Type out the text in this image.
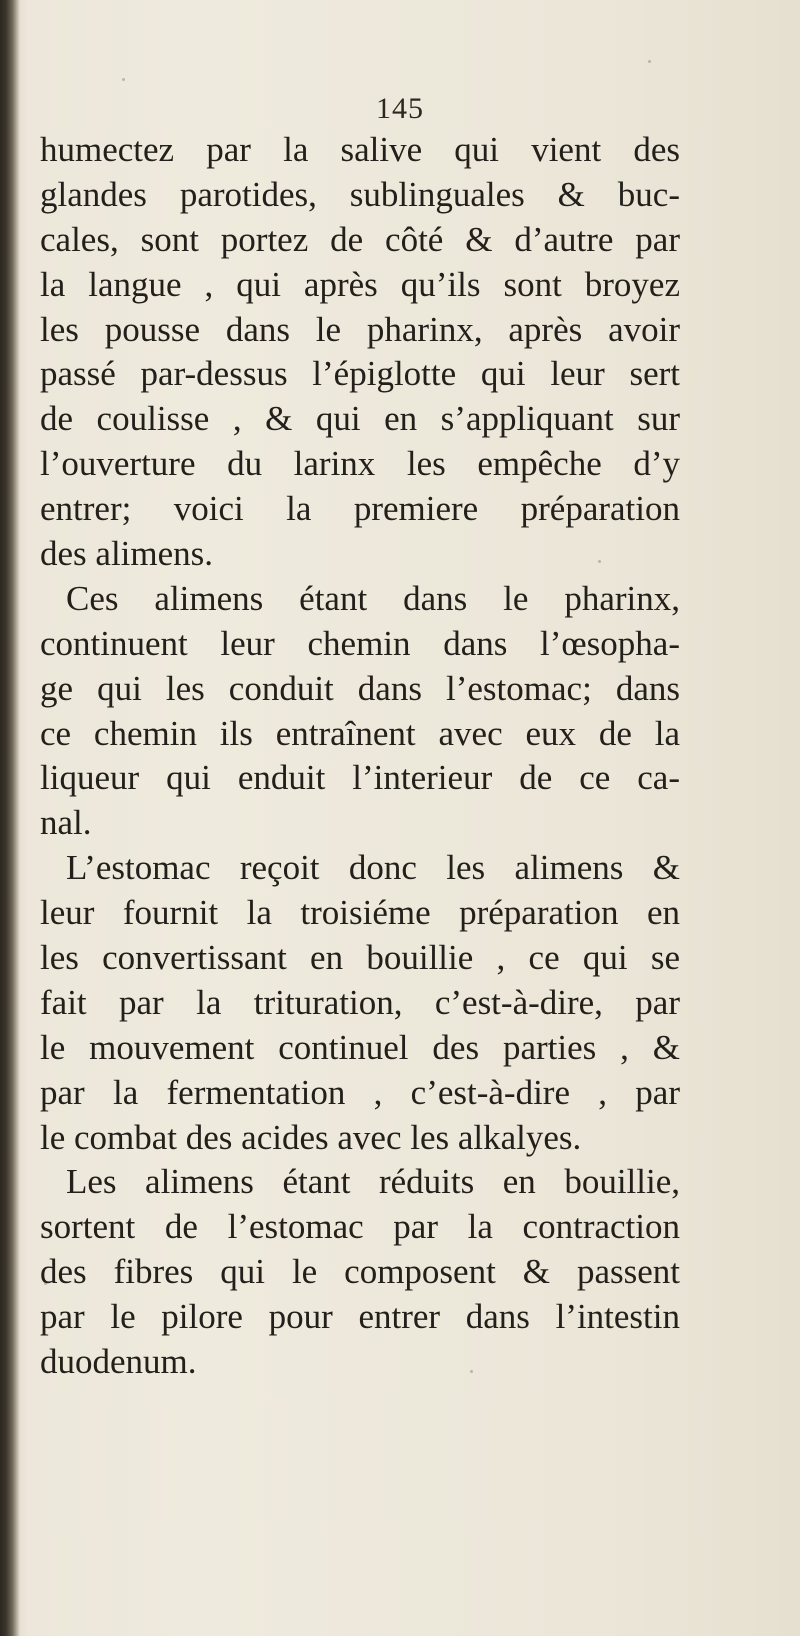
145
humectez par la salive qui vient des
glandes parotides, sublinguales & buc-
cales, sont portez de côté & d’autre par
la langue , qui après qu’ils sont broyez
les pousse dans le pharinx, après avoir
passé par-dessus l’épiglotte qui leur sert
de coulisse , & qui en s’appliquant sur
l’ouverture du larinx les empêche d’y
entrer; voici la premiere préparation
des alimens.
Ces alimens étant dans le pharinx,
continuent leur chemin dans l’œsopha-
ge qui les conduit dans l’estomac; dans
ce chemin ils entraînent avec eux de la
liqueur qui enduit l’interieur de ce ca-
nal.
L’estomac reçoit donc les alimens &
leur fournit la troisiéme préparation en
les convertissant en bouillie , ce qui se
fait par la trituration, c’est-à-dire, par
le mouvement continuel des parties , &
par la fermentation , c’est-à-dire , par
le combat des acides avec les alkalyes.
Les alimens étant réduits en bouillie,
sortent de l’estomac par la contraction
des fibres qui le composent & passent
par le pilore pour entrer dans l’intestin
duodenum.
